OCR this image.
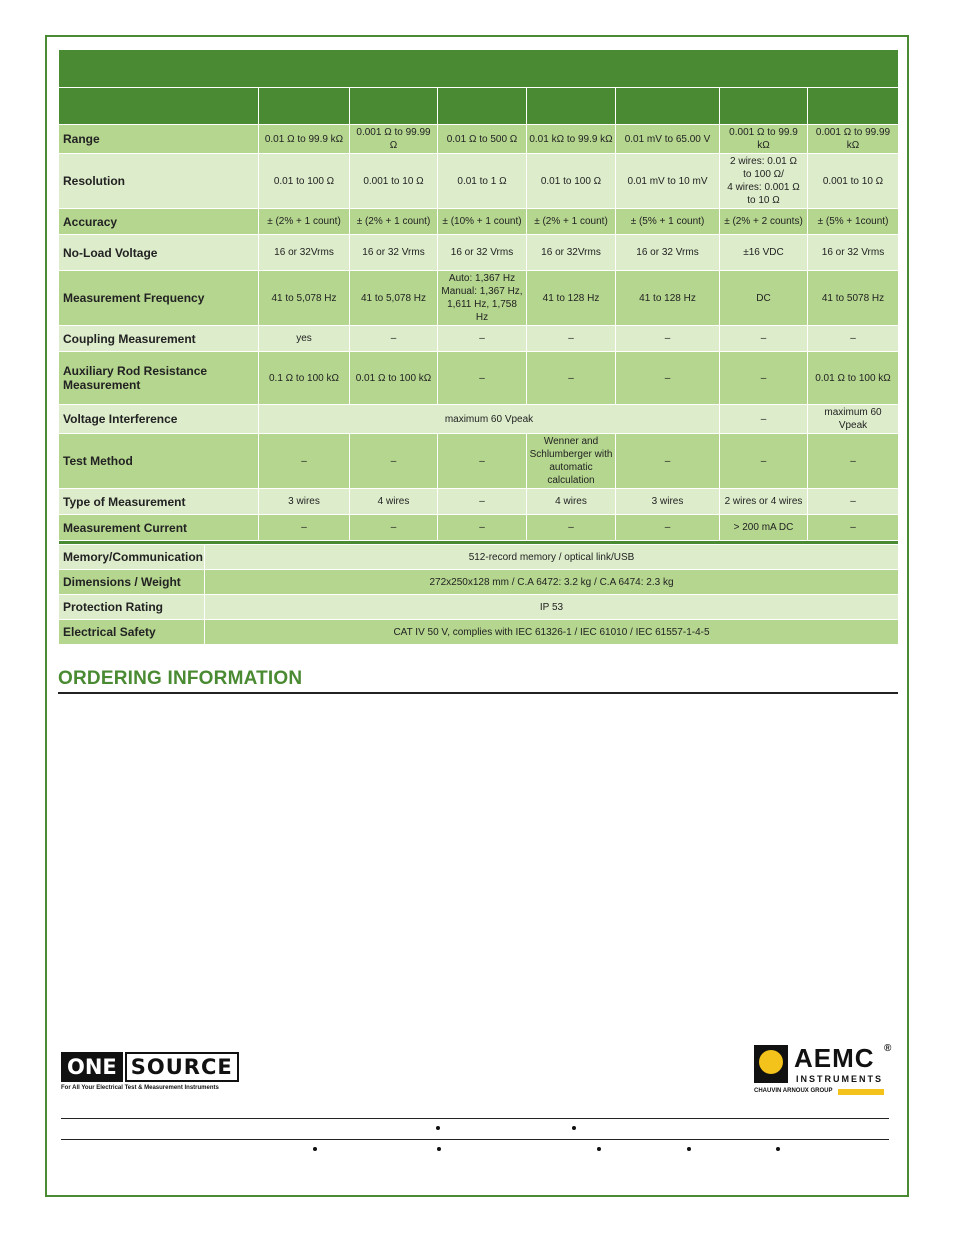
Range	0.01 Ω to 99.9 kΩ	0.001 Ω to 99.99 Ω	0.01 Ω to 500 Ω	0.01 kΩ to 99.9 kΩ	0.01 mV to 65.00 V	0.001 Ω to 99.9 kΩ	0.001 Ω to 99.99 kΩ
Resolution	0.01 to 100 Ω	0.001 to 10 Ω	0.01 to 1 Ω	0.01 to 100 Ω	0.01 mV to 10 mV	2 wires: 0.01 Ω
to 100 Ω/
4 wires: 0.001 Ω
to 10 Ω	0.001 to 10 Ω
Accuracy	± (2% + 1 count)	± (2% + 1 count)	± (10% + 1 count)	± (2% + 1 count)	± (5% + 1 count)	± (2% + 2 counts)	± (5% + 1count)
No-Load Voltage	16 or 32Vrms	16 or 32 Vrms	16 or 32 Vrms	16 or 32Vrms	16 or 32 Vrms	±16 VDC	16 or 32 Vrms
Measurement Frequency	41 to 5,078 Hz	41 to 5,078 Hz	Auto: 1,367 Hz
Manual: 1,367 Hz,
1,611 Hz, 1,758 Hz	41 to 128 Hz	41 to 128 Hz	DC	41 to 5078 Hz
Coupling Measurement	yes	–	–	–	–	–	–
Auxiliary Rod Resistance Measurement	0.1 Ω to 100 kΩ	0.01 Ω to 100 kΩ	–	–	–	–	0.01 Ω to 100 kΩ
Voltage Interference	maximum 60 Vpeak					–	maximum 60 Vpeak
Test Method	–	–	–	Wenner and
Schlumberger with
automatic calculation	–	–	–
Type of Measurement	3 wires	4 wires	–	4 wires	3 wires	2 wires or 4 wires	–
Measurement Current	–	–	–	–	–	> 200 mA DC	–

Memory/Communication	512-record memory / optical link/USB
Dimensions / Weight	272x250x128 mm / C.A 6472: 3.2 kg / C.A 6474: 2.3 kg
Protection Rating	IP 53
Electrical Safety	CAT IV 50 V, complies with IEC 61326-1 / IEC 61010 / IEC 61557-1-4-5
ORDERING INFORMATION
ONE SOURCE
For All Your Electrical Test & Measurement Instruments
AEMC ®
INSTRUMENTS
CHAUVIN ARNOUX GROUP
